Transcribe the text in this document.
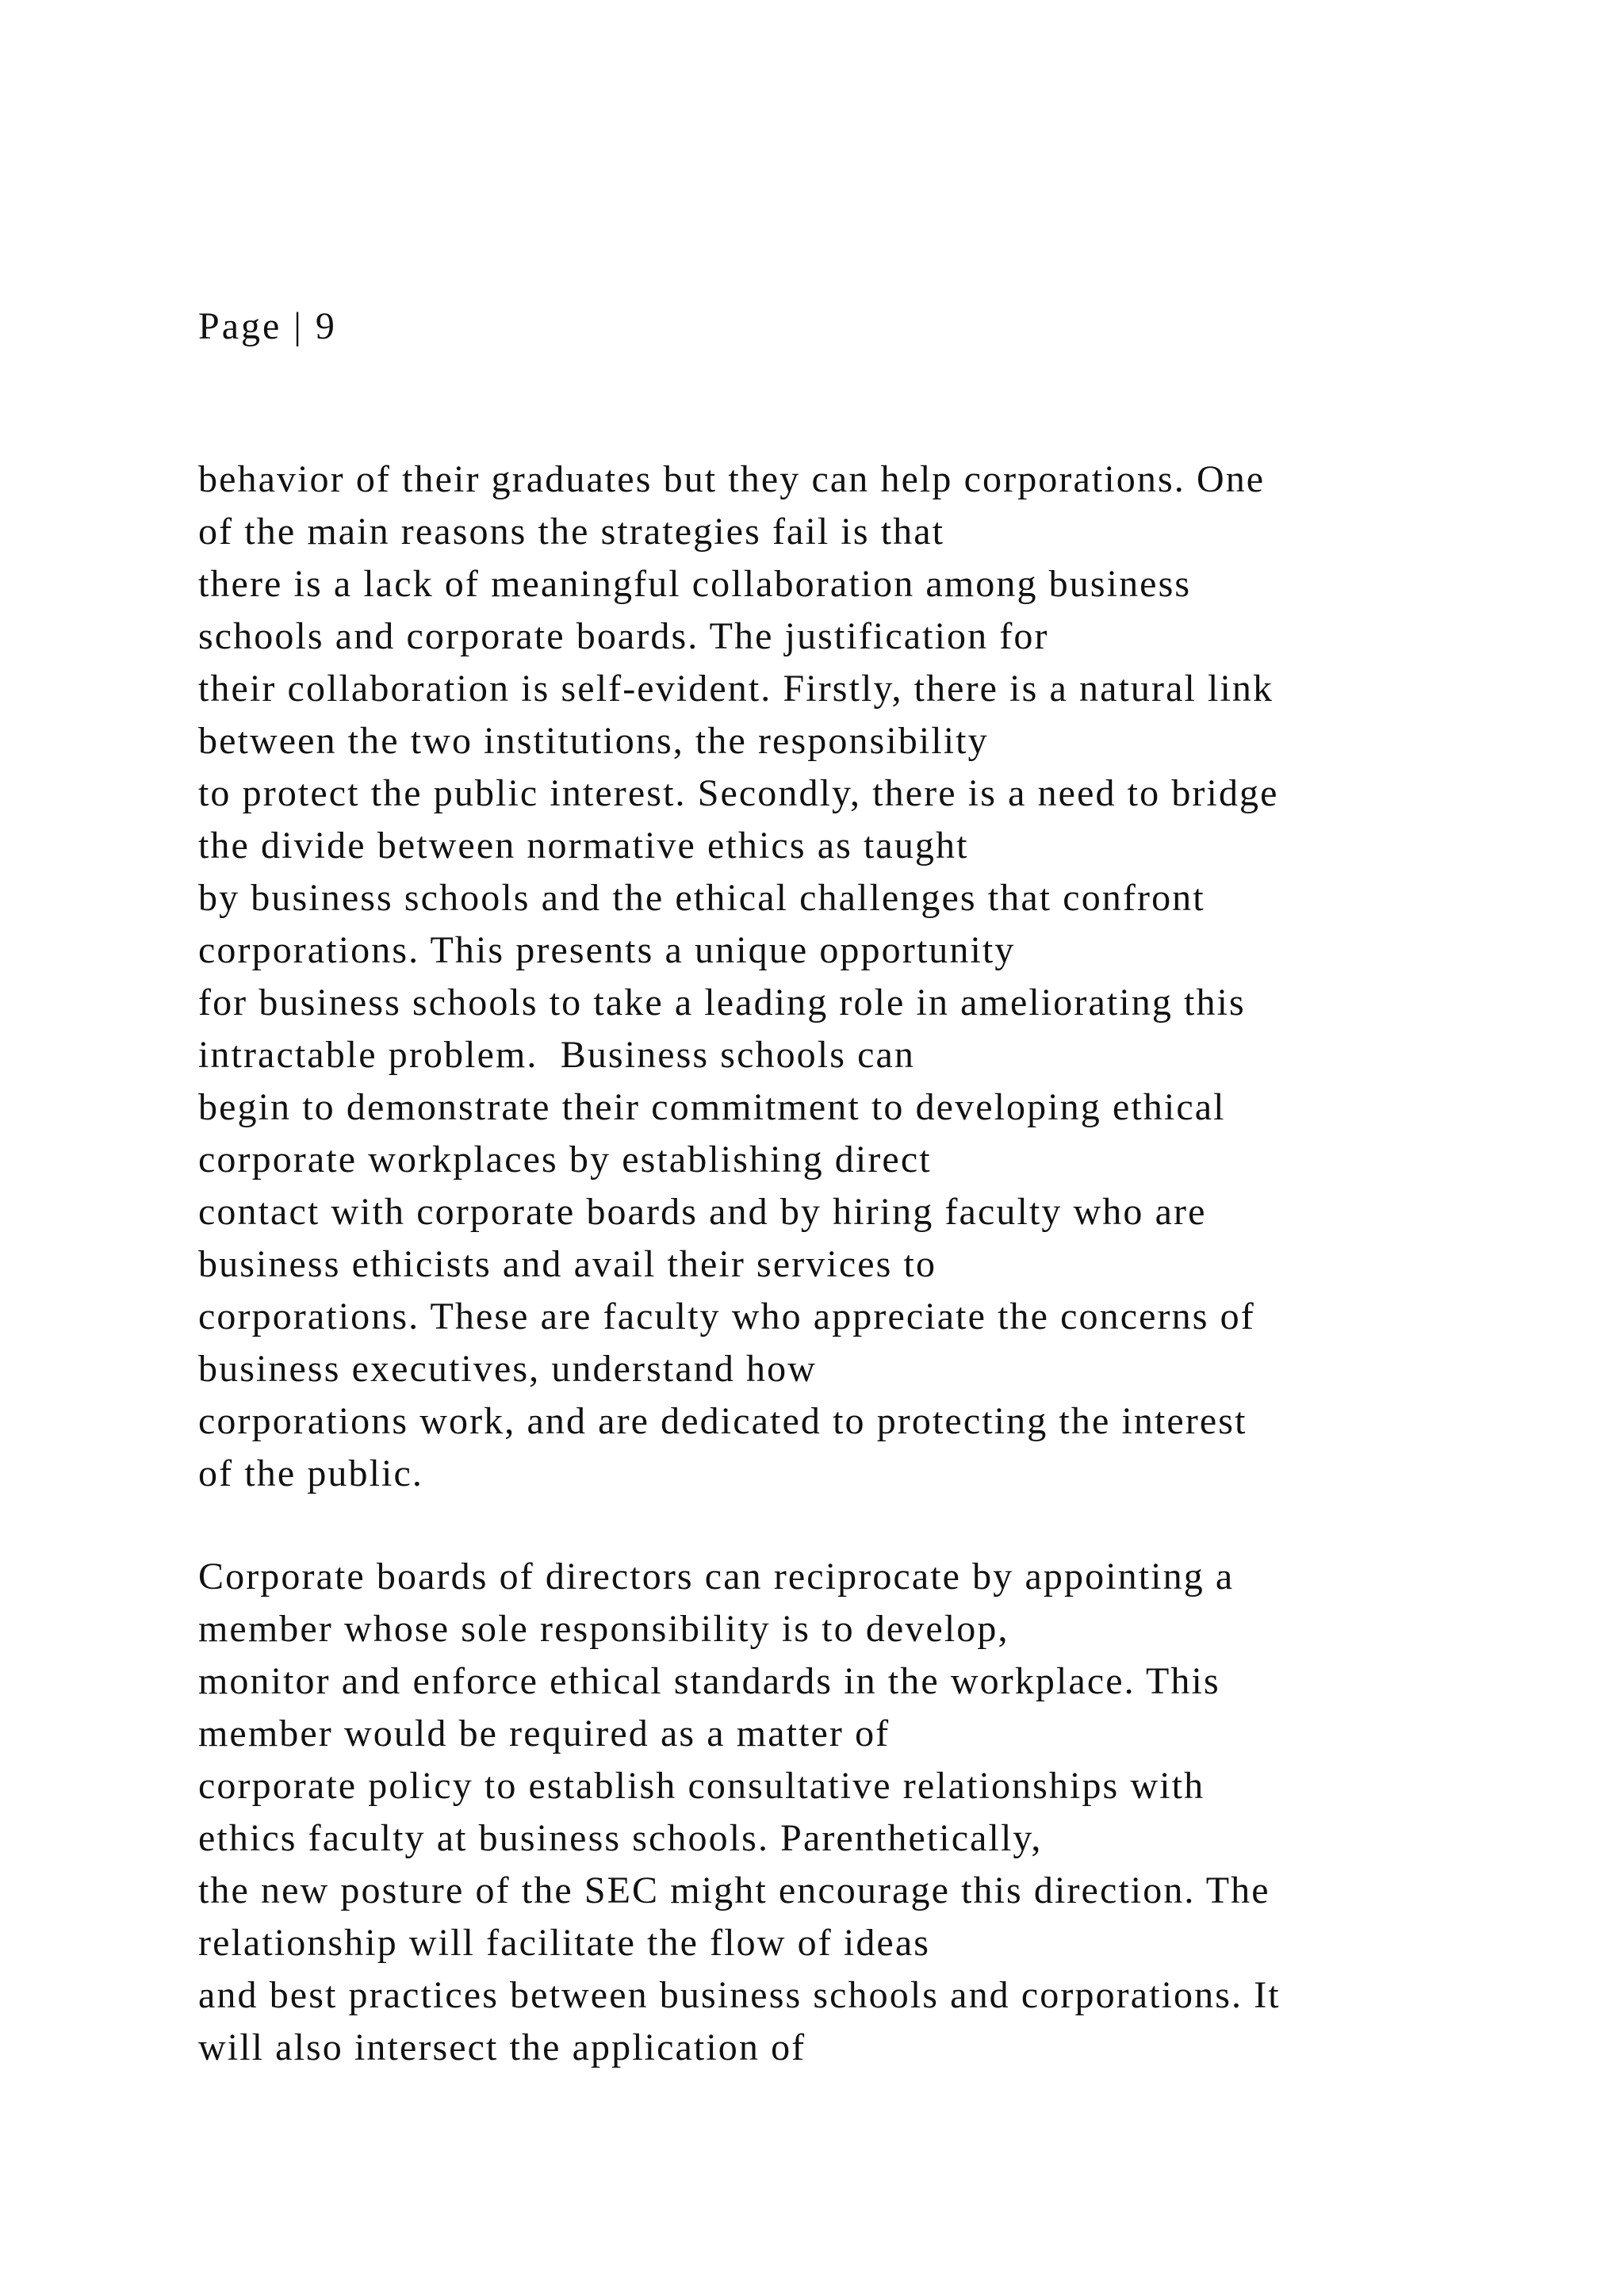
Page | 9
behavior of their graduates but they can help corporations. One
of the main reasons the strategies fail is that
there is a lack of meaningful collaboration among business
schools and corporate boards. The justification for
their collaboration is self-evident. Firstly, there is a natural link
between the two institutions, the responsibility
to protect the public interest. Secondly, there is a need to bridge
the divide between normative ethics as taught
by business schools and the ethical challenges that confront
corporations. This presents a unique opportunity
for business schools to take a leading role in ameliorating this
intractable problem.  Business schools can
begin to demonstrate their commitment to developing ethical
corporate workplaces by establishing direct
contact with corporate boards and by hiring faculty who are
business ethicists and avail their services to
corporations. These are faculty who appreciate the concerns of
business executives, understand how
corporations work, and are dedicated to protecting the interest
of the public.
Corporate boards of directors can reciprocate by appointing a
member whose sole responsibility is to develop,
monitor and enforce ethical standards in the workplace. This
member would be required as a matter of
corporate policy to establish consultative relationships with
ethics faculty at business schools. Parenthetically,
the new posture of the SEC might encourage this direction. The
relationship will facilitate the flow of ideas
and best practices between business schools and corporations. It
will also intersect the application of
